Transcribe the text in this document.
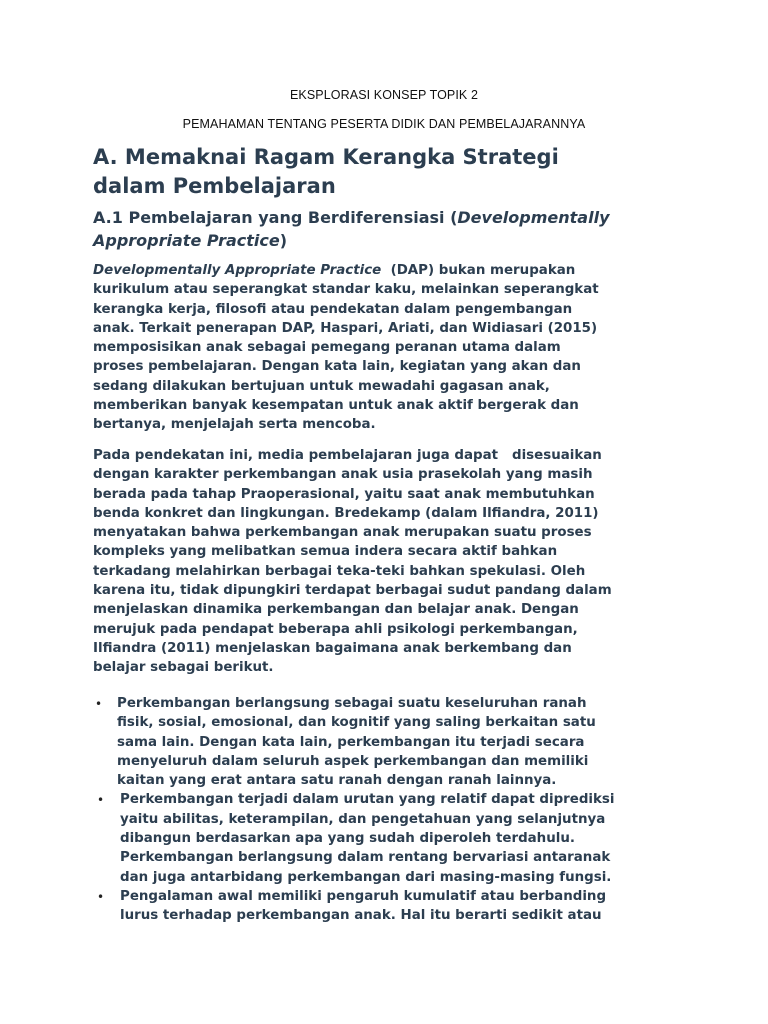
EKSPLORASI KONSEP TOPIK 2
PEMAHAMAN TENTANG PESERTA DIDIK DAN PEMBELAJARANNYA
A. Memaknai Ragam Kerangka Strategi
dalam Pembelajaran
A.1 Pembelajaran yang Berdiferensiasi (Developmentally
Appropriate Practice)
Developmentally Appropriate Practice  (DAP) bukan merupakan
kurikulum atau seperangkat standar kaku, melainkan seperangkat
kerangka kerja, filosofi atau pendekatan dalam pengembangan
anak. Terkait penerapan DAP, Haspari, Ariati, dan Widiasari (2015)
memposisikan anak sebagai pemegang peranan utama dalam
proses pembelajaran. Dengan kata lain, kegiatan yang akan dan
sedang dilakukan bertujuan untuk mewadahi gagasan anak,
memberikan banyak kesempatan untuk anak aktif bergerak dan
bertanya, menjelajah serta mencoba.
Pada pendekatan ini, media pembelajaran juga dapat   disesuaikan
dengan karakter perkembangan anak usia prasekolah yang masih
berada pada tahap Praoperasional, yaitu saat anak membutuhkan
benda konkret dan lingkungan. Bredekamp (dalam Ilfiandra, 2011)
menyatakan bahwa perkembangan anak merupakan suatu proses
kompleks yang melibatkan semua indera secara aktif bahkan
terkadang melahirkan berbagai teka-teki bahkan spekulasi. Oleh
karena itu, tidak dipungkiri terdapat berbagai sudut pandang dalam
menjelaskan dinamika perkembangan dan belajar anak. Dengan
merujuk pada pendapat beberapa ahli psikologi perkembangan,
Ilfiandra (2011) menjelaskan bagaimana anak berkembang dan
belajar sebagai berikut.
• Perkembangan berlangsung sebagai suatu keseluruhan ranah
fisik, sosial, emosional, dan kognitif yang saling berkaitan satu
sama lain. Dengan kata lain, perkembangan itu terjadi secara
menyeluruh dalam seluruh aspek perkembangan dan memiliki
kaitan yang erat antara satu ranah dengan ranah lainnya.
• Perkembangan terjadi dalam urutan yang relatif dapat diprediksi
yaitu abilitas, keterampilan, dan pengetahuan yang selanjutnya
dibangun berdasarkan apa yang sudah diperoleh terdahulu.
Perkembangan berlangsung dalam rentang bervariasi antaranak
dan juga antarbidang perkembangan dari masing-masing fungsi.
• Pengalaman awal memiliki pengaruh kumulatif atau berbanding
lurus terhadap perkembangan anak. Hal itu berarti sedikit atau
